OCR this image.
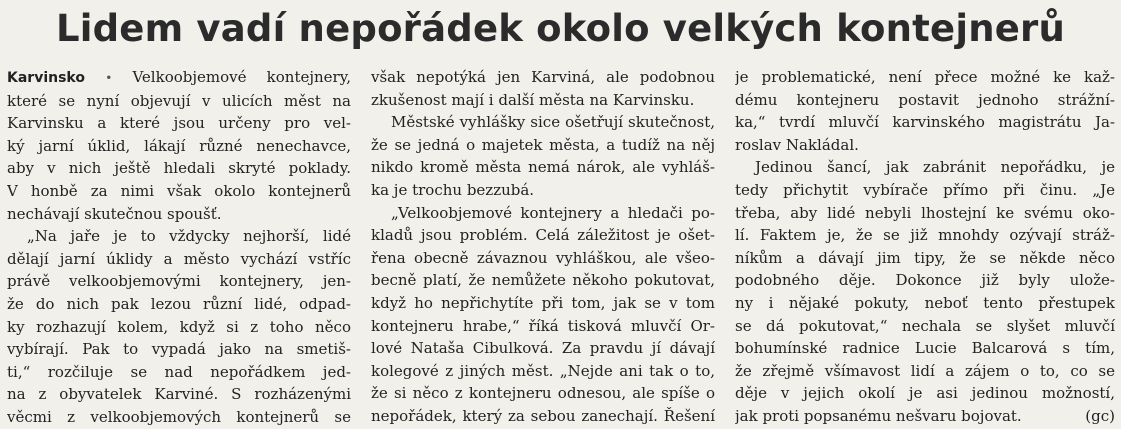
Lidem vadí nepořádek okolo velkých kontejnerů
Karvinsko • Velkoobjemové kontejnery,
které se nyní objevují v ulicích měst na
Karvinsku a které jsou určeny pro vel-
ký jarní úklid, lákají různé nenechavce,
aby v nich ještě hledali skryté poklady.
V honbě za nimi však okolo kontejnerů
nechávají skutečnou spoušť.
„Na jaře je to vždycky nejhorší, lidé
dělají jarní úklidy a město vychází vstříc
právě velkoobjemovými kontejnery, jen-
že do nich pak lezou různí lidé, odpad-
ky rozhazují kolem, když si z toho něco
vybírají. Pak to vypadá jako na smetiš-
ti,“ rozčiluje se nad nepořádkem jed-
na z obyvatelek Karviné. S rozházenými
věcmi z velkoobjemových kontejnerů se
však nepotýká jen Karviná, ale podobnou
zkušenost mají i další města na Karvinsku.
Městské vyhlášky sice ošetřují skutečnost,
že se jedná o majetek města, a tudíž na něj
nikdo kromě města nemá nárok, ale vyhláš-
ka je trochu bezzubá.
„Velkoobjemové kontejnery a hledači po-
kladů jsou problém. Celá záležitost je ošet-
řena obecně závaznou vyhláškou, ale všeo-
becně platí, že nemůžete někoho pokutovat,
když ho nepřichytíte při tom, jak se v tom
kontejneru hrabe,“ říká tisková mluvčí Or-
lové Nataša Cibulková. Za pravdu jí dávají
kolegové z jiných měst. „Nejde ani tak o to,
že si něco z kontejneru odnesou, ale spíše o
nepořádek, který za sebou zanechají. Řešení
je problematické, není přece možné ke kaž-
dému kontejneru postavit jednoho strážní-
ka,“ tvrdí mluvčí karvinského magistrátu Ja-
roslav Nakládal.
Jedinou šancí, jak zabránit nepořádku, je
tedy přichytit vybírače přímo při činu. „Je
třeba, aby lidé nebyli lhostejní ke svému oko-
lí. Faktem je, že se již mnohdy ozývají stráž-
níkům a dávají jim tipy, že se někde něco
podobného děje. Dokonce již byly ulože-
ny i nějaké pokuty, neboť tento přestupek
se dá pokutovat,“ nechala se slyšet mluvčí
bohumínské radnice Lucie Balcarová s tím,
že zřejmě všímavost lidí a zájem o to, co se
děje v jejich okolí je asi jedinou možností,
(gc)
jak proti popsanému nešvaru bojovat.
